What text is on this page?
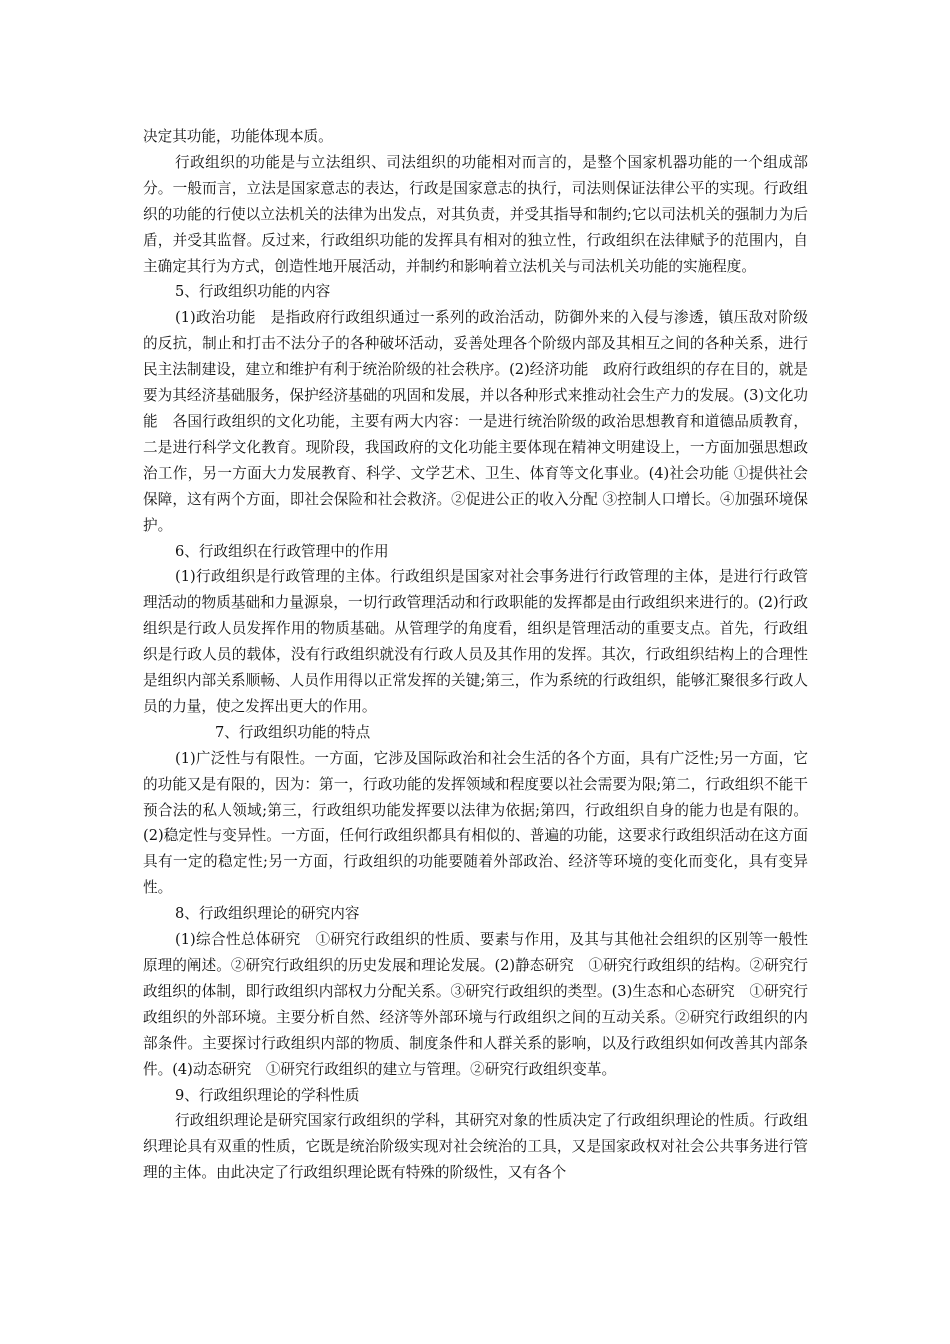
决定其功能，功能体现本质。

行政组织的功能是与立法组织、司法组织的功能相对而言的，是整个国家机器功能的一个组成部分。一般而言，立法是国家意志的表达，行政是国家意志的执行，司法则保证法律公平的实现。行政组织的功能的行使以立法机关的法律为出发点，对其负责，并受其指导和制约;它以司法机关的强制力为后盾，并受其监督。反过来，行政组织功能的发挥具有相对的独立性，行政组织在法律赋予的范围内，自主确定其行为方式，创造性地开展活动，并制约和影响着立法机关与司法机关功能的实施程度。

5、行政组织功能的内容

(1)政治功能　是指政府行政组织通过一系列的政治活动，防御外来的入侵与渗透，镇压敌对阶级的反抗，制止和打击不法分子的各种破坏活动，妥善处理各个阶级内部及其相互之间的各种关系，进行民主法制建设，建立和维护有利于统治阶级的社会秩序。(2)经济功能　政府行政组织的存在目的，就是要为其经济基础服务，保护经济基础的巩固和发展，并以各种形式来推动社会生产力的发展。(3)文化功能　各国行政组织的文化功能，主要有两大内容：一是进行统治阶级的政治思想教育和道德品质教育，二是进行科学文化教育。现阶段，我国政府的文化功能主要体现在精神文明建设上，一方面加强思想政治工作，另一方面大力发展教育、科学、文学艺术、卫生、体育等文化事业。(4)社会功能 ①提供社会保障，这有两个方面，即社会保险和社会救济。②促进公正的收入分配 ③控制人口增长。④加强环境保护。

6、行政组织在行政管理中的作用

(1)行政组织是行政管理的主体。行政组织是国家对社会事务进行行政管理的主体，是进行行政管理活动的物质基础和力量源泉，一切行政管理活动和行政职能的发挥都是由行政组织来进行的。(2)行政组织是行政人员发挥作用的物质基础。从管理学的角度看，组织是管理活动的重要支点。首先，行政组织是行政人员的载体，没有行政组织就没有行政人员及其作用的发挥。其次，行政组织结构上的合理性是组织内部关系顺畅、人员作用得以正常发挥的关键;第三，作为系统的行政组织，能够汇聚很多行政人员的力量，使之发挥出更大的作用。

7、行政组织功能的特点

(1)广泛性与有限性。一方面，它涉及国际政治和社会生活的各个方面，具有广泛性;另一方面，它的功能又是有限的，因为：第一，行政功能的发挥领域和程度要以社会需要为限;第二，行政组织不能干预合法的私人领域;第三，行政组织功能发挥要以法律为依据;第四，行政组织自身的能力也是有限的。(2)稳定性与变异性。一方面，任何行政组织都具有相似的、普遍的功能，这要求行政组织活动在这方面具有一定的稳定性;另一方面，行政组织的功能要随着外部政治、经济等环境的变化而变化，具有变异性。

8、行政组织理论的研究内容

(1)综合性总体研究　①研究行政组织的性质、要素与作用，及其与其他社会组织的区别等一般性原理的阐述。②研究行政组织的历史发展和理论发展。(2)静态研究　①研究行政组织的结构。②研究行政组织的体制，即行政组织内部权力分配关系。③研究行政组织的类型。(3)生态和心态研究　①研究行政组织的外部环境。主要分析自然、经济等外部环境与行政组织之间的互动关系。②研究行政组织的内部条件。主要探讨行政组织内部的物质、制度条件和人群关系的影响，以及行政组织如何改善其内部条件。(4)动态研究　①研究行政组织的建立与管理。②研究行政组织变革。

9、行政组织理论的学科性质

行政组织理论是研究国家行政组织的学科，其研究对象的性质决定了行政组织理论的性质。行政组织理论具有双重的性质，它既是统治阶级实现对社会统治的工具，又是国家政权对社会公共事务进行管理的主体。由此决定了行政组织理论既有特殊的阶级性，又有各个
